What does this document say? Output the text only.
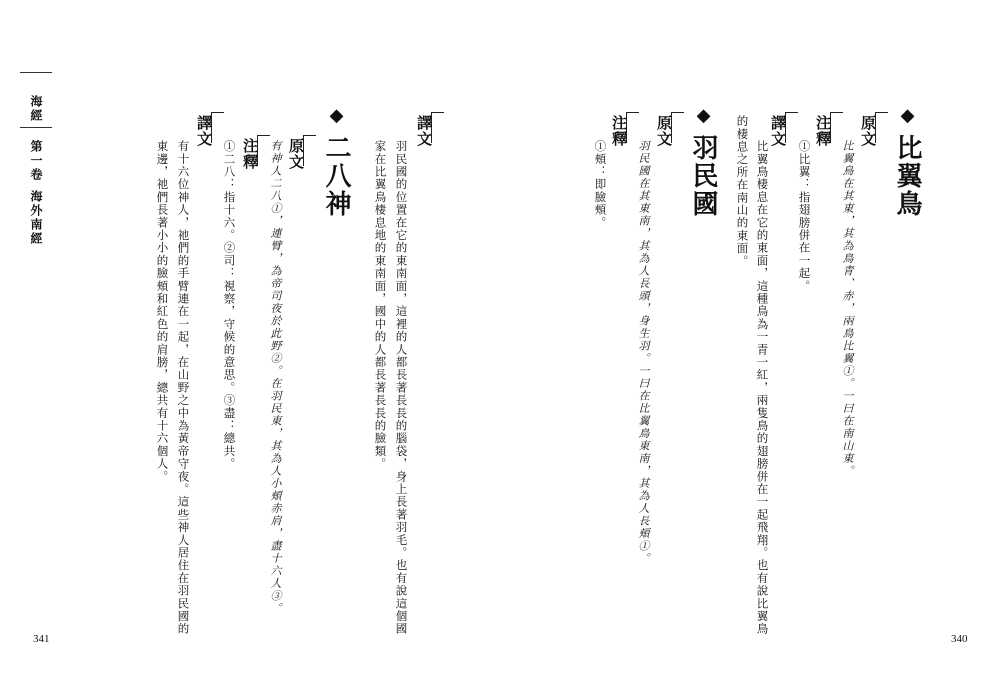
海經
第一卷
海外南經
譯文
羽民國的位置在它的東南面，這裡的人都長著長長的腦袋，身上長著羽毛。也有說這個國
家在比翼鳥棲息地的東南面，國中的人都長著長長的臉類。
◆二八神
原文
有神人二八①，連臂，為帝司夜於此野②。在羽民東，其為人小頰赤肩，盡十六人③。
注釋
①二八：指十六。②司：視察，守候的意思。③盡：總共。
譯文
有十六位神人，祂們的手臂連在一起，在山野之中為黃帝守夜。這些神人居住在羽民國的
東邊，祂們長著小小的臉頰和紅色的肩膀，總共有十六個人。
341
◆比翼鳥
原文
比翼鳥在其東，其為鳥青、赤，兩鳥比翼①。一曰在南山東。
注釋
①比翼：指翅膀併在一起。
譯文
比翼鳥棲息在它的東面，這種鳥為一青一紅，兩隻鳥的翅膀併在一起飛翔。也有說比翼鳥
的棲息之所在南山的東面。
◆羽民國
原文
羽民國在其東南，其為人長頭，身生羽。一曰在比翼鳥東南，其為人長頰①。
注釋
①頰：即臉頰。
340
